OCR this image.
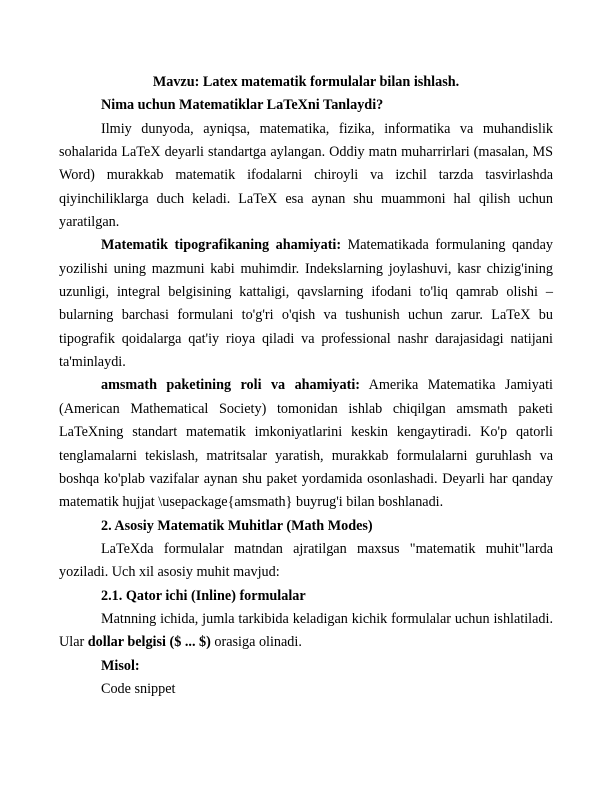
Mavzu: Latex matematik formulalar bilan ishlash.

Nima uchun Matematiklar LaTeXni Tanlaydi?

Ilmiy dunyoda, ayniqsa, matematika, fizika, informatika va muhandislik sohalarida LaTeX deyarli standartga aylangan. Oddiy matn muharrirlari (masalan, MS Word) murakkab matematik ifodalarni chiroyli va izchil tarzda tasvirlashda qiyinchiliklarga duch keladi. LaTeX esa aynan shu muammoni hal qilish uchun yaratilgan.

Matematik tipografikaning ahamiyati: Matematikada formulaning qanday yozilishi uning mazmuni kabi muhimdir. Indekslarning joylashuvi, kasr chizig'ining uzunligi, integral belgisining kattaligi, qavslarning ifodani to'liq qamrab olishi – bularning barchasi formulani to'g'ri o'qish va tushunish uchun zarur. LaTeX bu tipografik qoidalarga qat'iy rioya qiladi va professional nashr darajasidagi natijani ta'minlaydi.

amsmath paketining roli va ahamiyati: Amerika Matematika Jamiyati (American Mathematical Society) tomonidan ishlab chiqilgan amsmath paketi LaTeXning standart matematik imkoniyatlarini keskin kengaytiradi. Ko'p qatorli tenglamalarni tekislash, matritsalar yaratish, murakkab formulalarni guruhlash va boshqa ko'plab vazifalar aynan shu paket yordamida osonlashadi. Deyarli har qanday matematik hujjat \usepackage{amsmath} buyrug'i bilan boshlanadi.

2. Asosiy Matematik Muhitlar (Math Modes)

LaTeXda formulalar matndan ajratilgan maxsus "matematik muhit"larda yoziladi. Uch xil asosiy muhit mavjud:

2.1. Qator ichi (Inline) formulalar

Matnning ichida, jumla tarkibida keladigan kichik formulalar uchun ishlatiladi. Ular dollar belgisi ($ ... $) orasiga olinadi.

Misol:

Code snippet
